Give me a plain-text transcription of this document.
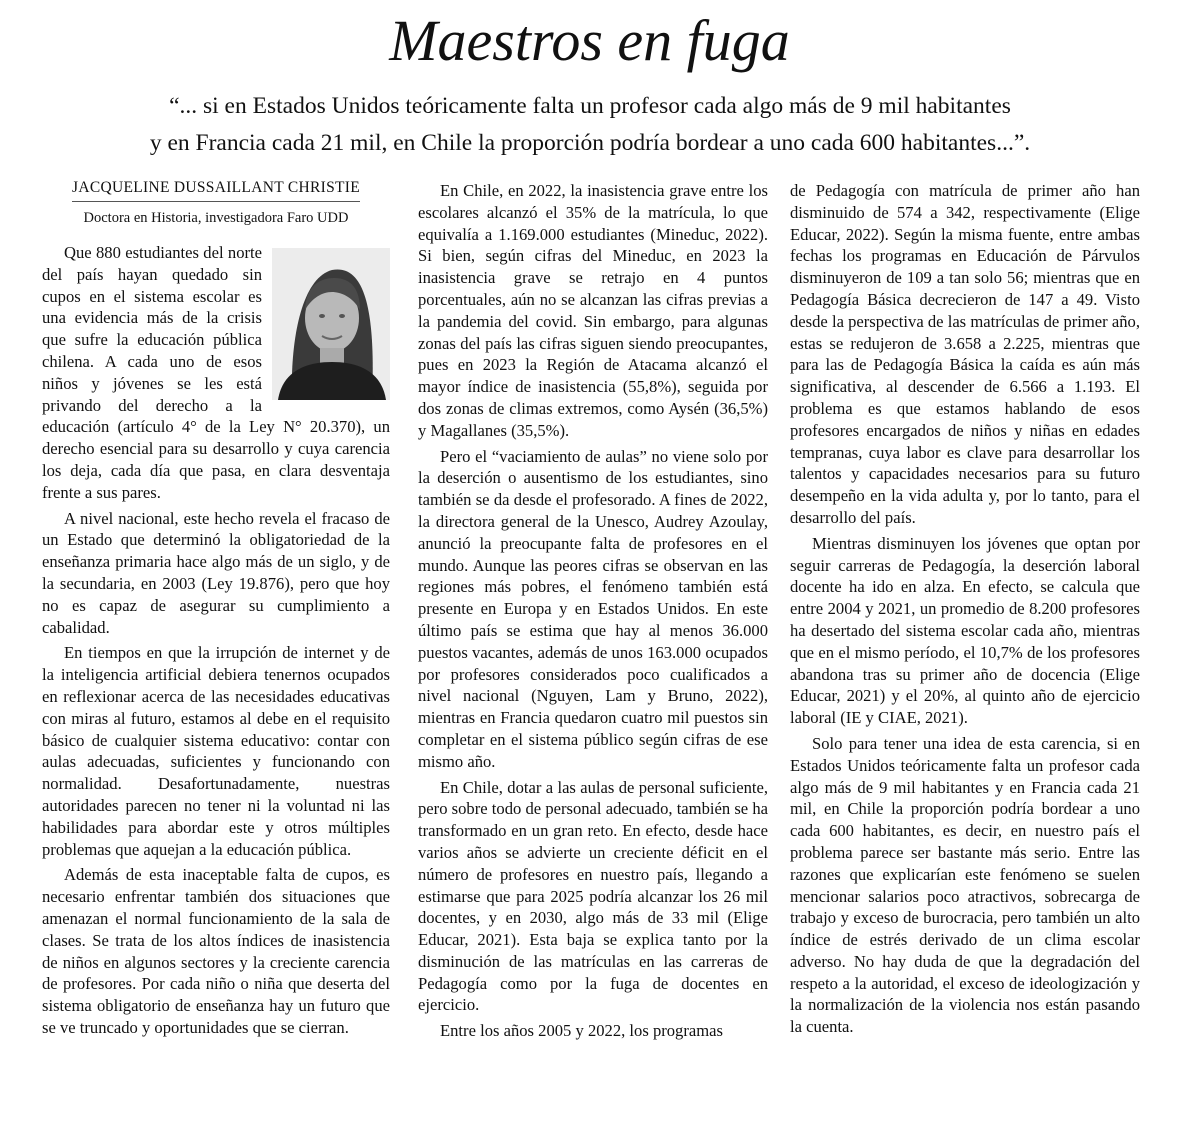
Maestros en fuga
“... si en Estados Unidos teóricamente falta un profesor cada algo más de 9 mil habitantes
y en Francia cada 21 mil, en Chile la proporción podría bordear a uno cada 600 habitantes...”.
JACQUELINE DUSSAILLANT CHRISTIE
Doctora en Historia, investigadora Faro UDD

Que 880 estudiantes del norte del país hayan quedado sin cupos en el sistema escolar es una evidencia más de la crisis que sufre la educación pública chilena. A cada uno de esos niños y jóvenes se les está privando del derecho a la educación (artículo 4° de la Ley N° 20.370), un derecho esencial para su desarrollo y cuya carencia los deja, cada día que pasa, en clara desventaja frente a sus pares.

A nivel nacional, este hecho revela el fracaso de un Estado que determinó la obligatoriedad de la enseñanza primaria hace algo más de un siglo, y de la secundaria, en 2003 (Ley 19.876), pero que hoy no es capaz de asegurar su cumplimiento a cabalidad.

En tiempos en que la irrupción de internet y de la inteligencia artificial debiera tenernos ocupados en reflexionar acerca de las necesidades educativas con miras al futuro, estamos al debe en el requisito básico de cualquier sistema educativo: contar con aulas adecuadas, suficientes y funcionando con normalidad. Desafortunadamente, nuestras autoridades parecen no tener ni la voluntad ni las habilidades para abordar este y otros múltiples problemas que aquejan a la educación pública.

Además de esta inaceptable falta de cupos, es necesario enfrentar también dos situaciones que amenazan el normal funcionamiento de la sala de clases. Se trata de los altos índices de inasistencia de niños en algunos sectores y la creciente carencia de profesores. Por cada niño o niña que deserta del sistema obligatorio de enseñanza hay un futuro que se ve truncado y oportunidades que se cierran.

En Chile, en 2022, la inasistencia grave entre los escolares alcanzó el 35% de la matrícula, lo que equivalía a 1.169.000 estudiantes (Mineduc, 2022). Si bien, según cifras del Mineduc, en 2023 la inasistencia grave se retrajo en 4 puntos porcentuales, aún no se alcanzan las cifras previas a la pandemia del covid. Sin embargo, para algunas zonas del país las cifras siguen siendo preocupantes, pues en 2023 la Región de Atacama alcanzó el mayor índice de inasistencia (55,8%), seguida por dos zonas de climas extremos, como Aysén (36,5%) y Magallanes (35,5%).

Pero el “vaciamiento de aulas” no viene solo por la deserción o ausentismo de los estudiantes, sino también se da desde el profesorado. A fines de 2022, la directora general de la Unesco, Audrey Azoulay, anunció la preocupante falta de profesores en el mundo. Aunque las peores cifras se observan en las regiones más pobres, el fenómeno también está presente en Europa y en Estados Unidos. En este último país se estima que hay al menos 36.000 puestos vacantes, además de unos 163.000 ocupados por profesores considerados poco cualificados a nivel nacional (Nguyen, Lam y Bruno, 2022), mientras en Francia quedaron cuatro mil puestos sin completar en el sistema público según cifras de ese mismo año.

En Chile, dotar a las aulas de personal suficiente, pero sobre todo de personal adecuado, también se ha transformado en un gran reto. En efecto, desde hace varios años se advierte un creciente déficit en el número de profesores en nuestro país, llegando a estimarse que para 2025 podría alcanzar los 26 mil docentes, y en 2030, algo más de 33 mil (Elige Educar, 2021). Esta baja se explica tanto por la disminución de las matrículas en las carreras de Pedagogía como por la fuga de docentes en ejercicio.

Entre los años 2005 y 2022, los programas

de Pedagogía con matrícula de primer año han disminuido de 574 a 342, respectivamente (Elige Educar, 2022). Según la misma fuente, entre ambas fechas los programas en Educación de Párvulos disminuyeron de 109 a tan solo 56; mientras que en Pedagogía Básica decrecieron de 147 a 49. Visto desde la perspectiva de las matrículas de primer año, estas se redujeron de 3.658 a 2.225, mientras que para las de Pedagogía Básica la caída es aún más significativa, al descender de 6.566 a 1.193. El problema es que estamos hablando de esos profesores encargados de niños y niñas en edades tempranas, cuya labor es clave para desarrollar los talentos y capacidades necesarios para su futuro desempeño en la vida adulta y, por lo tanto, para el desarrollo del país.

Mientras disminuyen los jóvenes que optan por seguir carreras de Pedagogía, la deserción laboral docente ha ido en alza. En efecto, se calcula que entre 2004 y 2021, un promedio de 8.200 profesores ha desertado del sistema escolar cada año, mientras que en el mismo período, el 10,7% de los profesores abandona tras su primer año de docencia (Elige Educar, 2021) y el 20%, al quinto año de ejercicio laboral (IE y CIAE, 2021).

Solo para tener una idea de esta carencia, si en Estados Unidos teóricamente falta un profesor cada algo más de 9 mil habitantes y en Francia cada 21 mil, en Chile la proporción podría bordear a uno cada 600 habitantes, es decir, en nuestro país el problema parece ser bastante más serio. Entre las razones que explicarían este fenómeno se suelen mencionar salarios poco atractivos, sobrecarga de trabajo y exceso de burocracia, pero también un alto índice de estrés derivado de un clima escolar adverso. No hay duda de que la degradación del respeto a la autoridad, el exceso de ideologización y la normalización de la violencia nos están pasando la cuenta.
